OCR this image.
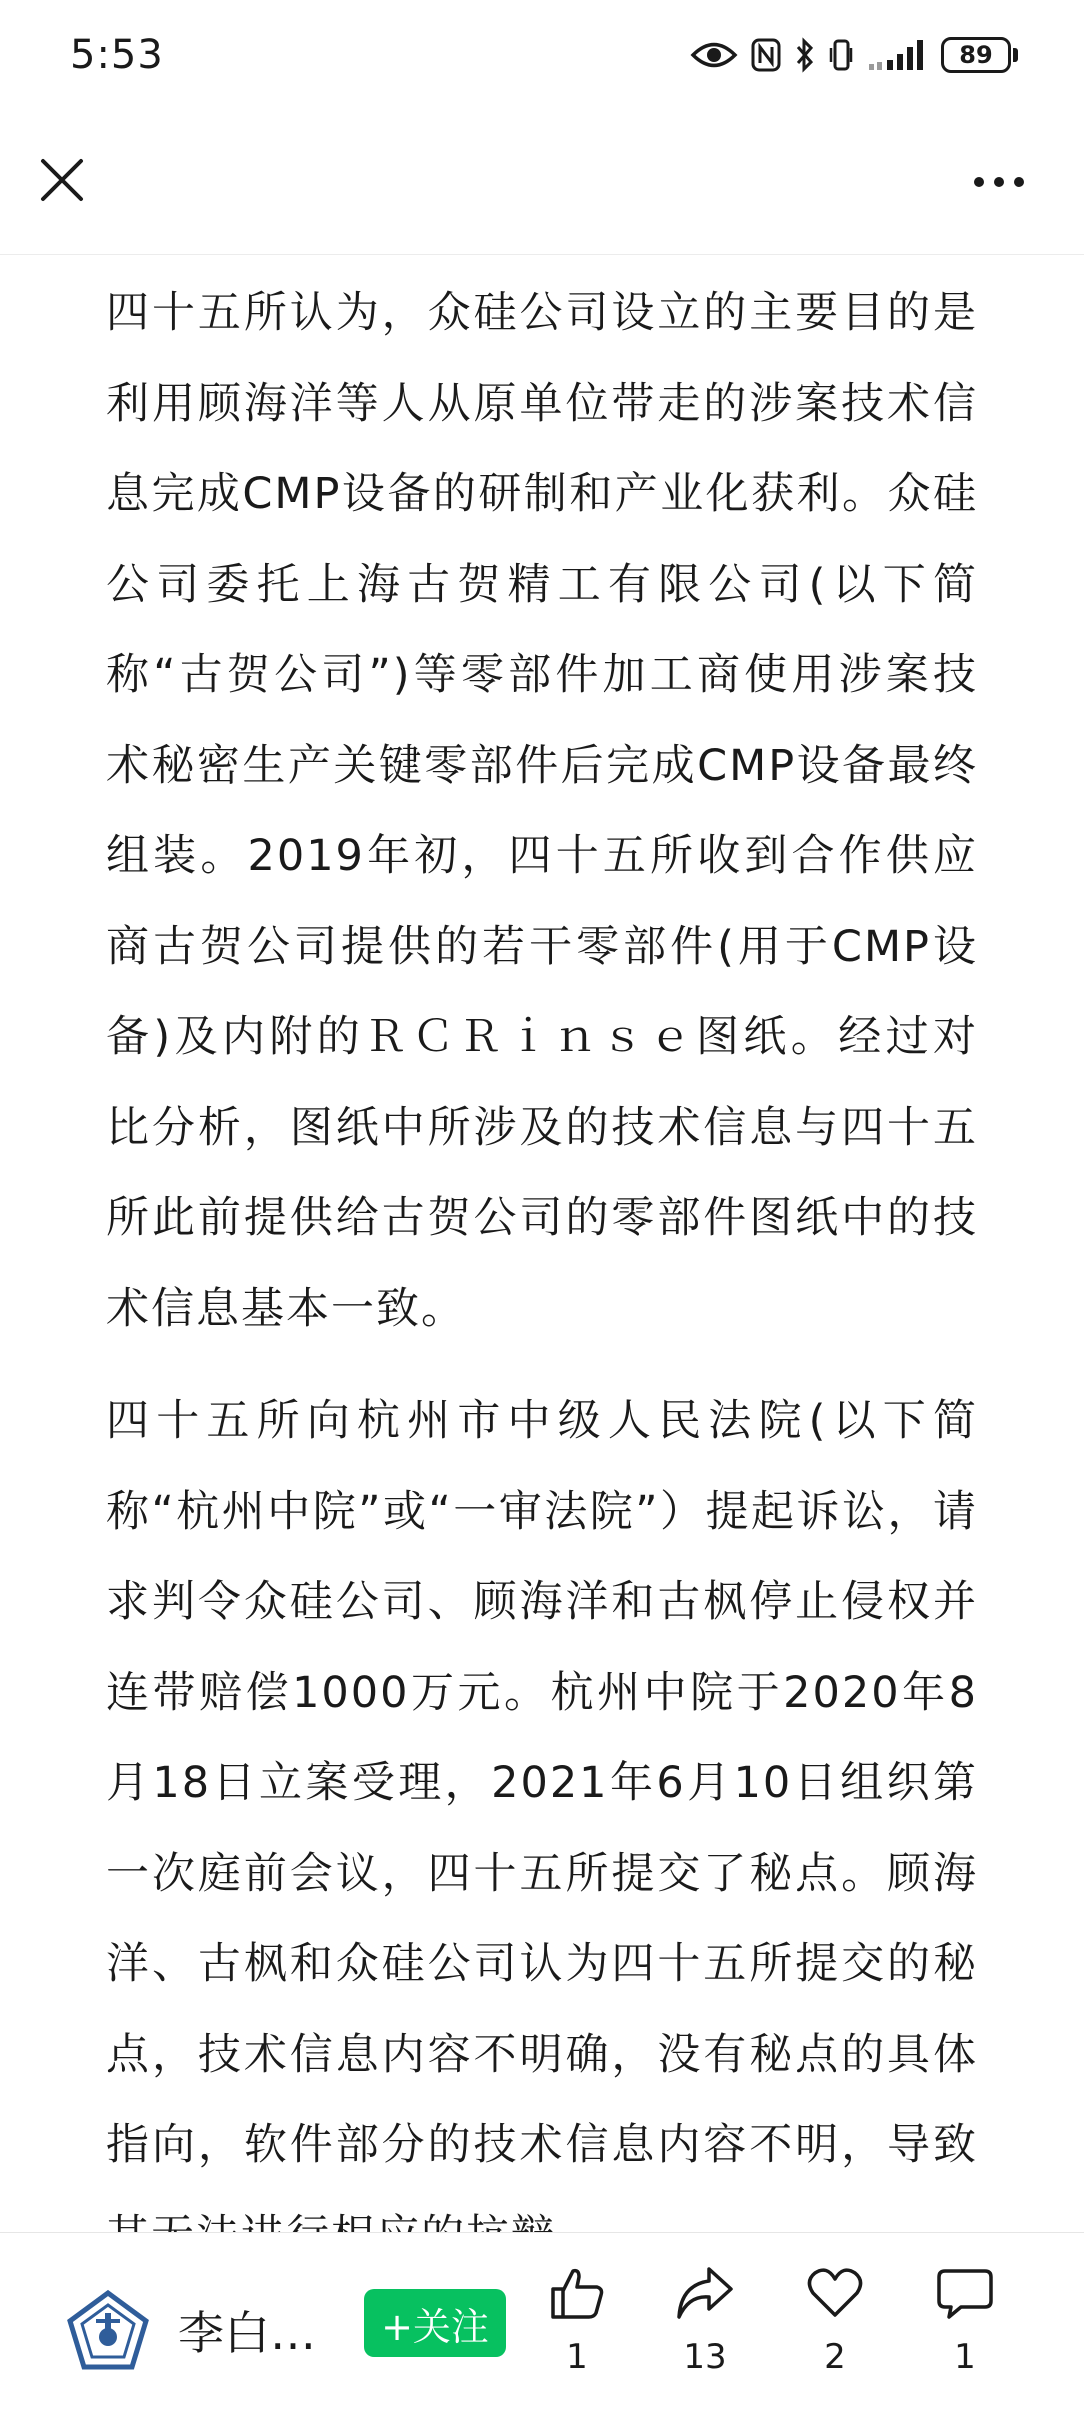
5:53	89

四十五所认为，众硅公司设立的主要目的是利用顾海洋等人从原单位带走的涉案技术信息完成CMP设备的研制和产业化获利。众硅公司委托上海古贺精工有限公司(以下简称“古贺公司”)等零部件加工商使用涉案技术秘密生产关键零部件后完成CMP设备最终组装。2019年初，四十五所收到合作供应商古贺公司提供的若干零部件(用于CMP设备)及内附的ＲＣＲｉｎｓｅ图纸。经过对比分析，图纸中所涉及的技术信息与四十五所此前提供给古贺公司的零部件图纸中的技术信息基本一致。

四十五所向杭州市中级人民法院(以下简称“杭州中院”或“一审法院”）提起诉讼，请求判令众硅公司、顾海洋和古枫停止侵权并连带赔偿1000万元。杭州中院于2020年8月18日立案受理，2021年6月10日组织第一次庭前会议，四十五所提交了秘点。顾海洋、古枫和众硅公司认为四十五所提交的秘点，技术信息内容不明确，没有秘点的具体指向，软件部分的技术信息内容不明，导致

李白…	+关注
1	13	2	1
